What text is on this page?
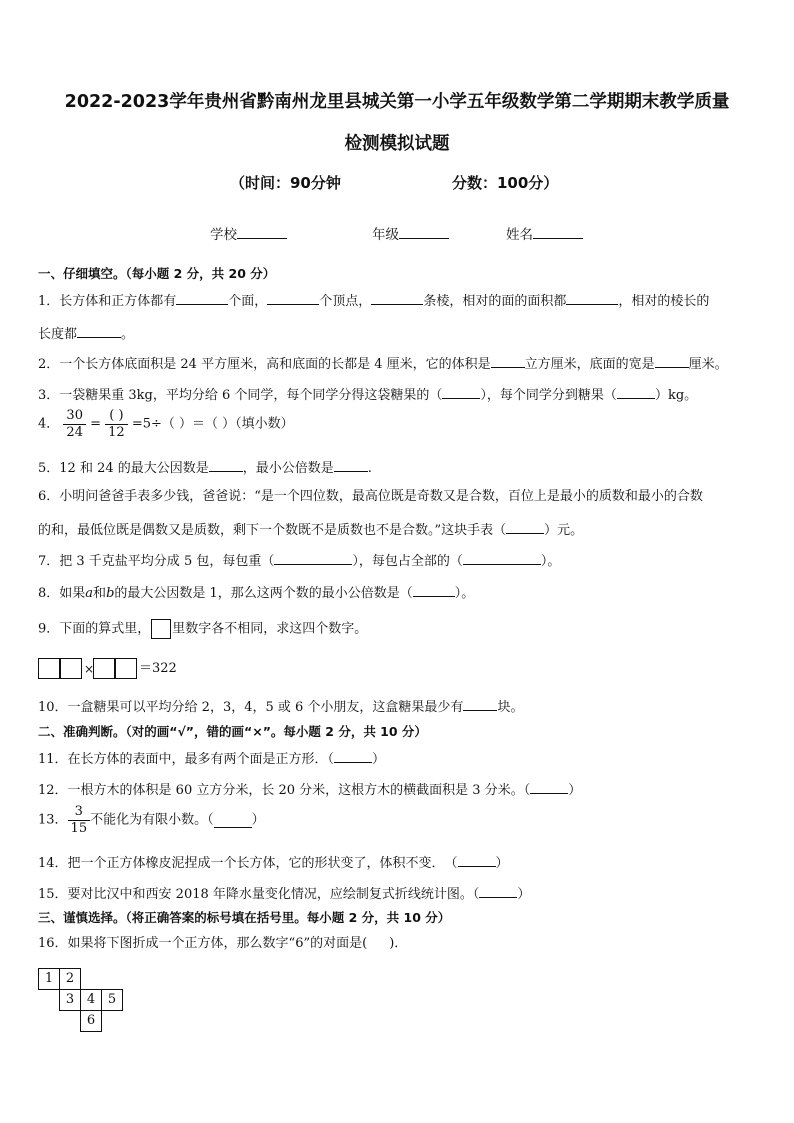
2022-2023学年贵州省黔南州龙里县城关第一小学五年级数学第二学期期末教学质量
检测模拟试题
（时间：90分钟	分数：100分）
学校	年级	姓名
一、仔细填空。（每小题 2 分，共 20 分）
1．长方体和正方体都有	个面，	个顶点，	条棱，相对的面的面积都	，相对的棱长的
长度都	。
2．一个长方体底面积是 24 平方厘米，高和底面的长都是 4 厘米，它的体积是	立方厘米，底面的宽是	厘米。
3．一袋糖果重 3kg，平均分给 6 个同学，每个同学分得这袋糖果的（	），每个同学分到糖果（	）kg。
4． $\frac{30}{24} = \frac{( )}{12} =5\div$（ ）＝（ ）（填小数）
5．12 和 24 的最大公因数是	，最小公倍数是	.
6．小明问爸爸手表多少钱，爸爸说：“是一个四位数，最高位既是奇数又是合数，百位上是最小的质数和最小的合数
的和，最低位既是偶数又是质数，剩下一个数既不是质数也不是合数。”这块手表（	）元。
7．把 3 千克盐平均分成 5 包，每包重（	），每包占全部的（	）。
8．如果a和b的最大公因数是 1，那么这两个数的最小公倍数是（	）。
9．下面的算式里， 里数字各不相同，求这四个数字。
×	＝322
10．一盒糖果可以平均分给 2，3，4，5 或 6 个小朋友，这盒糖果最少有	块。
二、准确判断。（对的画“√”，错的画“×”。每小题 2 分，共 10 分）
11．在长方体的表面中，最多有两个面是正方形．（	）
12．一根方木的体积是 60 立方分米，长 20 分米，这根方木的横截面积是 3 分米。（	）
13． $\frac{3}{15}$ 不能化为有限小数。（	）
14．把一个正方体橡皮泥捏成一个长方体，它的形状变了，体积不变．　（	）
15．要对比汉中和西安 2018 年降水量变化情况，应绘制复式折线统计图。（	）
三、谨慎选择。（将正确答案的标号填在括号里。每小题 2 分，共 10 分）
16．如果将下图折成一个正方体，那么数字“6”的对面是( )．
1 2
3 4 5
6
